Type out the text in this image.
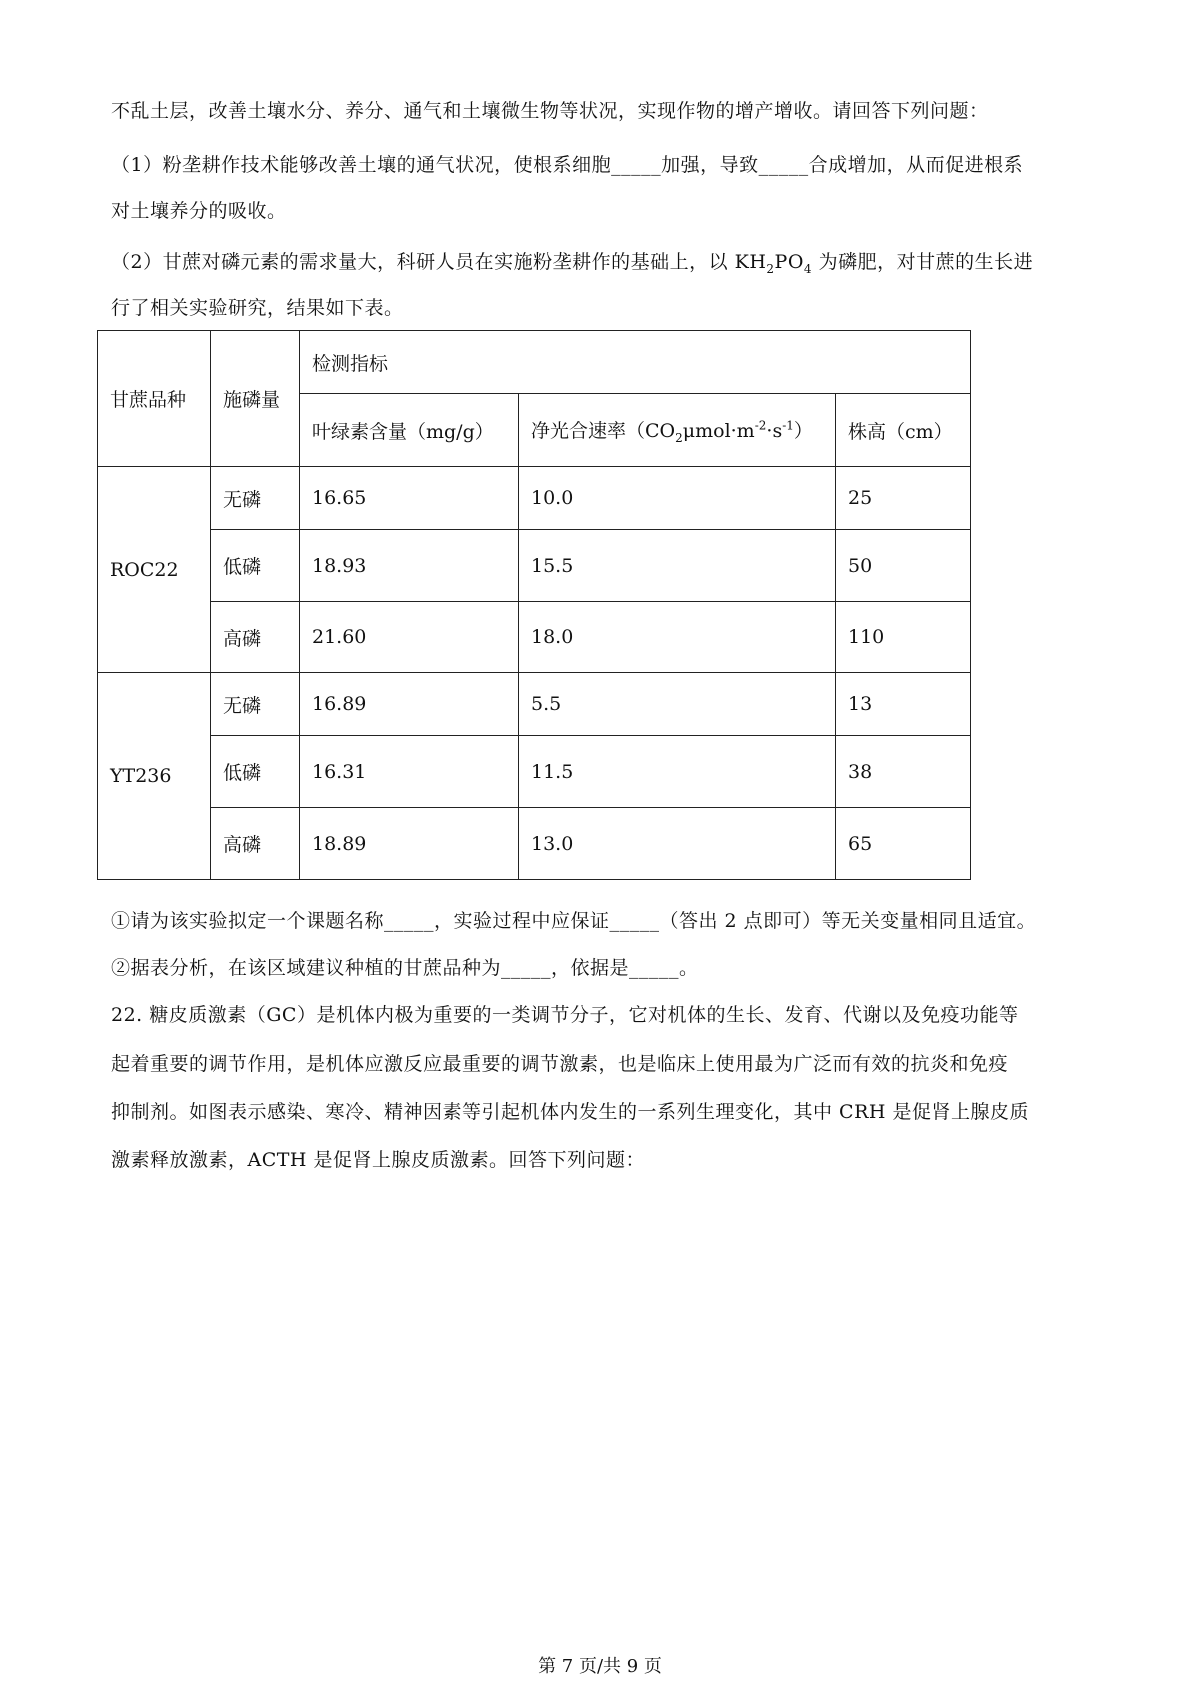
不乱土层，改善土壤水分、养分、通气和土壤微生物等状况，实现作物的增产增收。请回答下列问题：
（1）粉垄耕作技术能够改善土壤的通气状况，使根系细胞_____加强，导致_____合成增加，从而促进根系
对土壤养分的吸收。
（2）甘蔗对磷元素的需求量大，科研人员在实施粉垄耕作的基础上，以 $KH_2PO_4$ 为磷肥，对甘蔗的生长进
行了相关实验研究，结果如下表。
甘蔗品种	施磷量	检测指标		
		叶绿素含量（mg/g）	净光合速率$(CO_2\mu mol\cdot m^{-2}\cdot s^{-1})$	株高（cm）
ROC22	无磷	16.65	10.0	25
	低磷	18.93	15.5	50
	高磷	21.60	18.0	110
YT236	无磷	16.89	5.5	13
	低磷	16.31	11.5	38
	高磷	18.89	13.0	65
①请为该实验拟定一个课题名称_____，实验过程中应保证_____（答出 2 点即可）等无关变量相同且适宜。
②据表分析，在该区域建议种植的甘蔗品种为_____，依据是_____。
22. 糖皮质激素（GC）是机体内极为重要的一类调节分子，它对机体的生长、发育、代谢以及免疫功能等
起着重要的调节作用，是机体应激反应最重要的调节激素，也是临床上使用最为广泛而有效的抗炎和免疫
抑制剂。如图表示感染、寒冷、精神因素等引起机体内发生的一系列生理变化，其中 CRH 是促肾上腺皮质
激素释放激素，ACTH 是促肾上腺皮质激素。回答下列问题：
第 7 页/共 9 页
